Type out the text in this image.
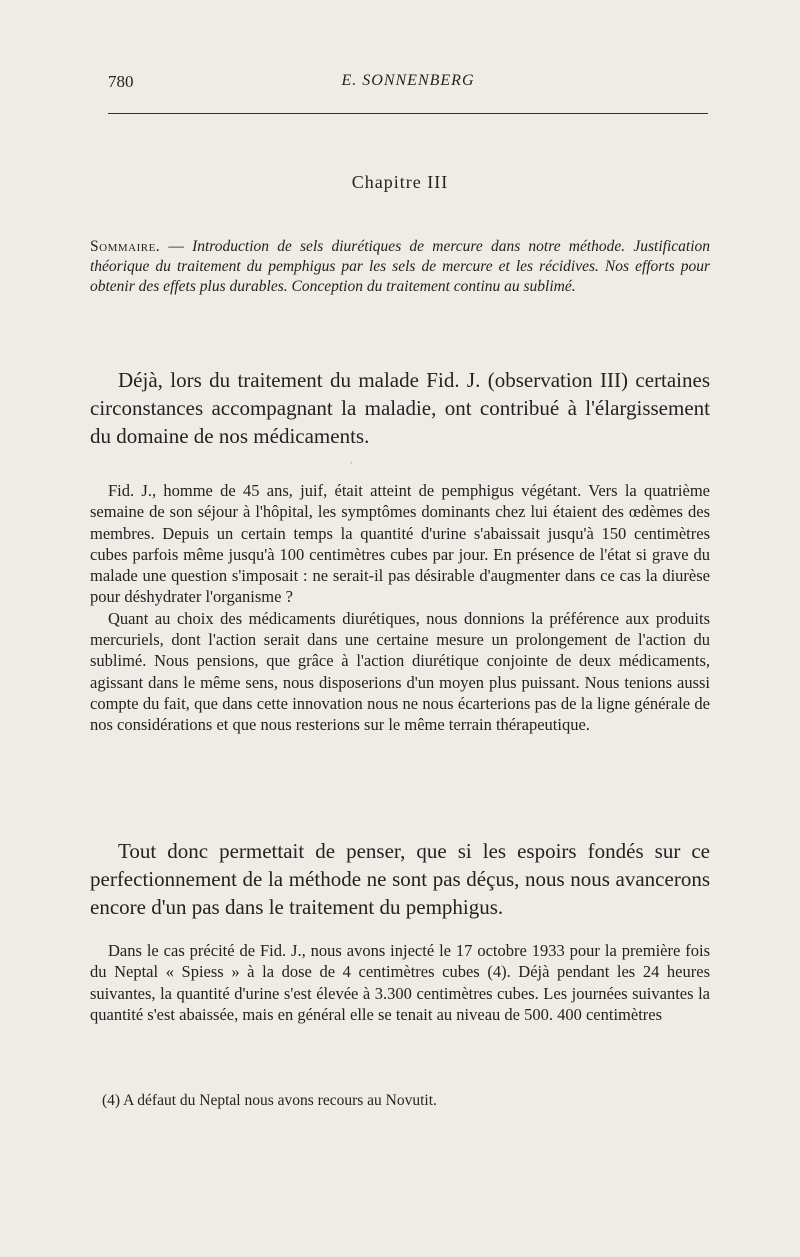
780	E. SONNENBERG
Chapitre III
Sommaire. — Introduction de sels diurétiques de mercure dans notre méthode. Justification théorique du traitement du pemphigus par les sels de mercure et les récidives. Nos efforts pour obtenir des effets plus durables. Conception du traitement continu au sublimé.

Déjà, lors du traitement du malade Fid. J. (observation III) certaines circonstances accompagnant la maladie, ont contribué à l'élargissement du domaine de nos médicaments.

·

Fid. J., homme de 45 ans, juif, était atteint de pemphigus végétant. Vers la quatrième semaine de son séjour à l'hôpital, les symptômes dominants chez lui étaient des œdèmes des membres. Depuis un certain temps la quantité d'urine s'abaissait jusqu'à 150 centimètres cubes parfois même jusqu'à 100 centimètres cubes par jour. En présence de l'état si grave du malade une question s'imposait : ne serait-il pas désirable d'augmenter dans ce cas la diurèse pour déshydrater l'organisme ?

Quant au choix des médicaments diurétiques, nous donnions la préférence aux produits mercuriels, dont l'action serait dans une certaine mesure un prolongement de l'action du sublimé. Nous pensions, que grâce à l'action diurétique conjointe de deux médicaments, agissant dans le même sens, nous disposerions d'un moyen plus puissant. Nous tenions aussi compte du fait, que dans cette innovation nous ne nous écarterions pas de la ligne générale de nos considérations et que nous resterions sur le même terrain thérapeutique.

Tout donc permettait de penser, que si les espoirs fondés sur ce perfectionnement de la méthode ne sont pas déçus, nous nous avancerons encore d'un pas dans le traitement du pemphigus.

Dans le cas précité de Fid. J., nous avons injecté le 17 octobre 1933 pour la première fois du Neptal « Spiess » à la dose de 4 centimètres cubes (4). Déjà pendant les 24 heures suivantes, la quantité d'urine s'est élevée à 3.300 centimètres cubes. Les journées suivantes la quantité s'est abaissée, mais en général elle se tenait au niveau de 500. 400 centimètres

(4) A défaut du Neptal nous avons recours au Novutit.
